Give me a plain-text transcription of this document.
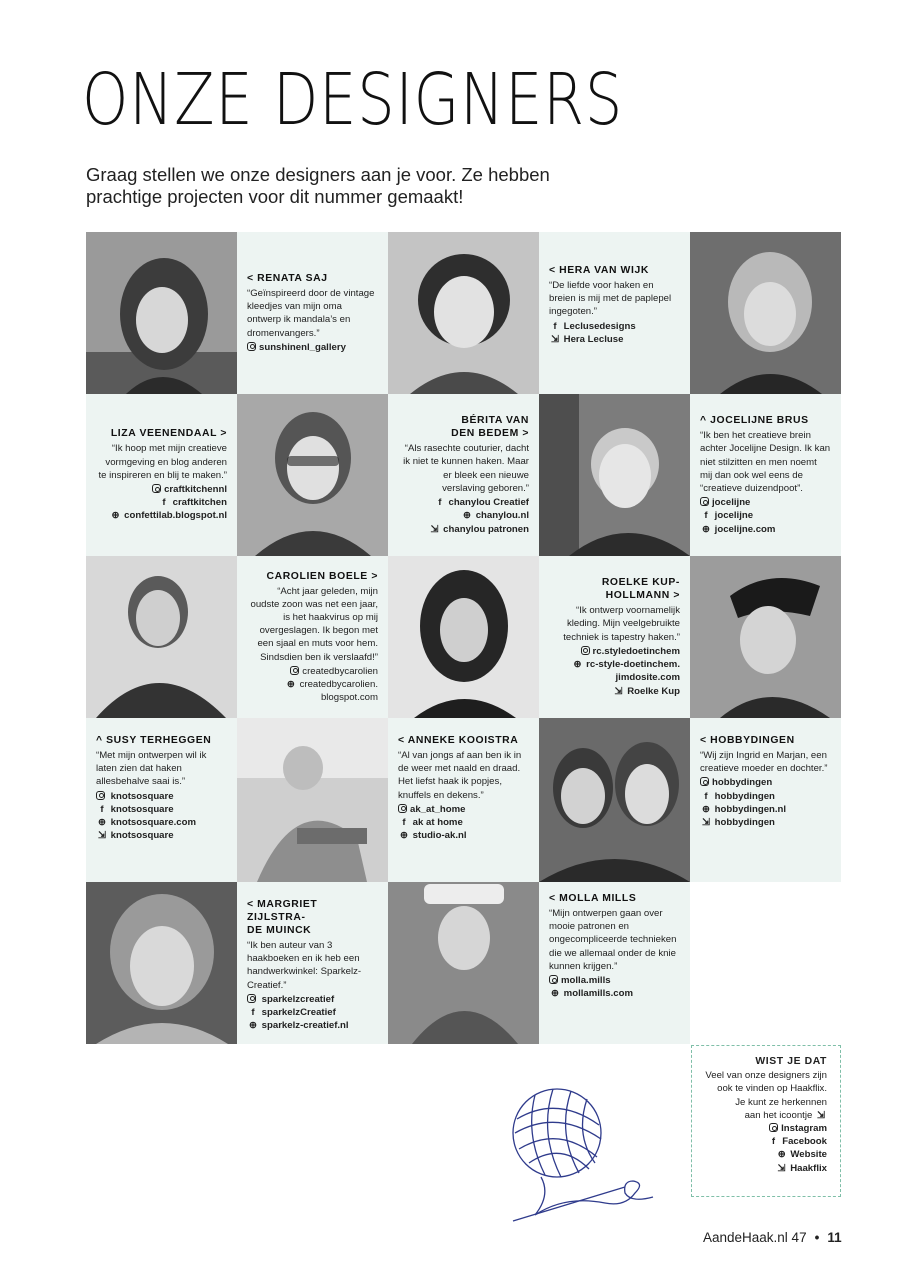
ONZE DESIGNERS

Graag stellen we onze designers aan je voor. Ze hebben
prachtige projecten voor dit nummer gemaakt!

< RENATA SAJ
“Geïnspireerd door de vintage kleedjes van mijn oma ontwerp ik mandala’s en dromenvangers.”
sunshinenl_gallery
< HERA VAN WIJK
“De liefde voor haken en breien is mij met de paplepel ingegoten.”
f Leclusedesigns
⇲ Hera Lecluse
LIZA VEENENDAAL >
“Ik hoop met mijn creatieve vormgeving en blog anderen te inspireren en blij te maken.”
craftkitchennl
f craftkitchen
⊕ confettilab.blogspot.nl
BÉRITA VAN
DEN BEDEM >
“Als rasechte couturier, dacht ik niet te kunnen haken. Maar er bleek een nieuwe verslaving geboren.”
f chanylou Creatief
⊕ chanylou.nl
⇲ chanylou patronen
^ JOCELIJNE BRUS
“Ik ben het creatieve brein achter Jocelijne Design. Ik kan niet stilzitten en men noemt mij dan ook wel eens de “creatieve duizendpoot”.
jocelijne
f jocelijne
⊕ jocelijne.com
CAROLIEN BOELE >
“Acht jaar geleden, mijn oudste zoon was net een jaar, is het haakvirus op mij overgeslagen. Ik begon met een sjaal en muts voor hem. Sindsdien ben ik verslaafd!”
createdbycarolien
⊕ createdbycarolien.
blogspot.com
ROELKE KUP-
HOLLMANN >
“Ik ontwerp voornamelijk kleding. Mijn veelgebruikte techniek is tapestry haken.”
rc.styledoetinchem
⊕ rc-style-doetinchem.
jimdosite.com
⇲ Roelke Kup
^ SUSY TERHEGGEN
“Met mijn ontwerpen wil ik laten zien dat haken allesbehalve saai is.”
knotsosquare
f knotsosquare
⊕ knotsosquare.com
⇲ knotsosquare
< ANNEKE KOOISTRA
“Al van jongs af aan ben ik in de weer met naald en draad. Het liefst haak ik popjes, knuffels en dekens.”
ak_at_home
f ak at home
⊕ studio-ak.nl
< HOBBYDINGEN
“Wij zijn Ingrid en Marjan, een creatieve moeder en dochter.”
hobbydingen
f hobbydingen
⊕ hobbydingen.nl
⇲ hobbydingen
< MARGRIET ZIJLSTRA-
DE MUINCK
“Ik ben auteur van 3 haakboeken en ik heb een handwerkwinkel: Sparkelz-Creatief.”
sparkelzcreatief
f sparkelzCreatief
⊕ sparkelz-creatief.nl
< MOLLA MILLS
“Mijn ontwerpen gaan over mooie patronen en ongecompliceerde technieken die we allemaal onder de knie kunnen krijgen.”
molla.mills
⊕ mollamills.com
WIST JE DAT
Veel van onze designers zijn
ook te vinden op Haakflix.
Je kunt ze herkennen
aan het icoontje ⇲
Instagram
f Facebook
⊕ Website
⇲ Haakflix
AandeHaak.nl 47 • 11
